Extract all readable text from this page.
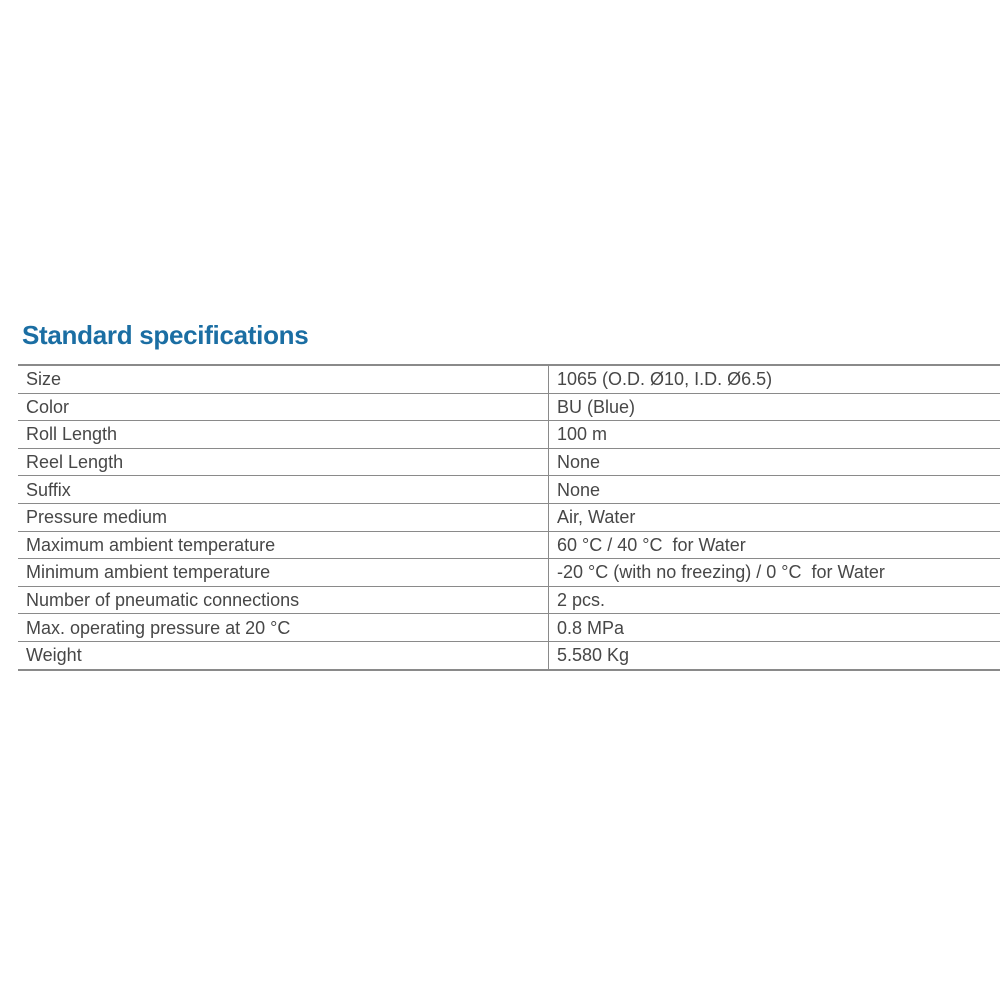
Standard specifications
Size	1065 (O.D. Ø10, I.D. Ø6.5)
Color	BU (Blue)
Roll Length	100 m
Reel Length	None
Suffix	None
Pressure medium	Air, Water
Maximum ambient temperature	60 °C / 40 °C  for Water
Minimum ambient temperature	-20 °C (with no freezing) / 0 °C  for Water
Number of pneumatic connections	2 pcs.
Max. operating pressure at 20 °C	0.8 MPa
Weight	5.580 Kg
